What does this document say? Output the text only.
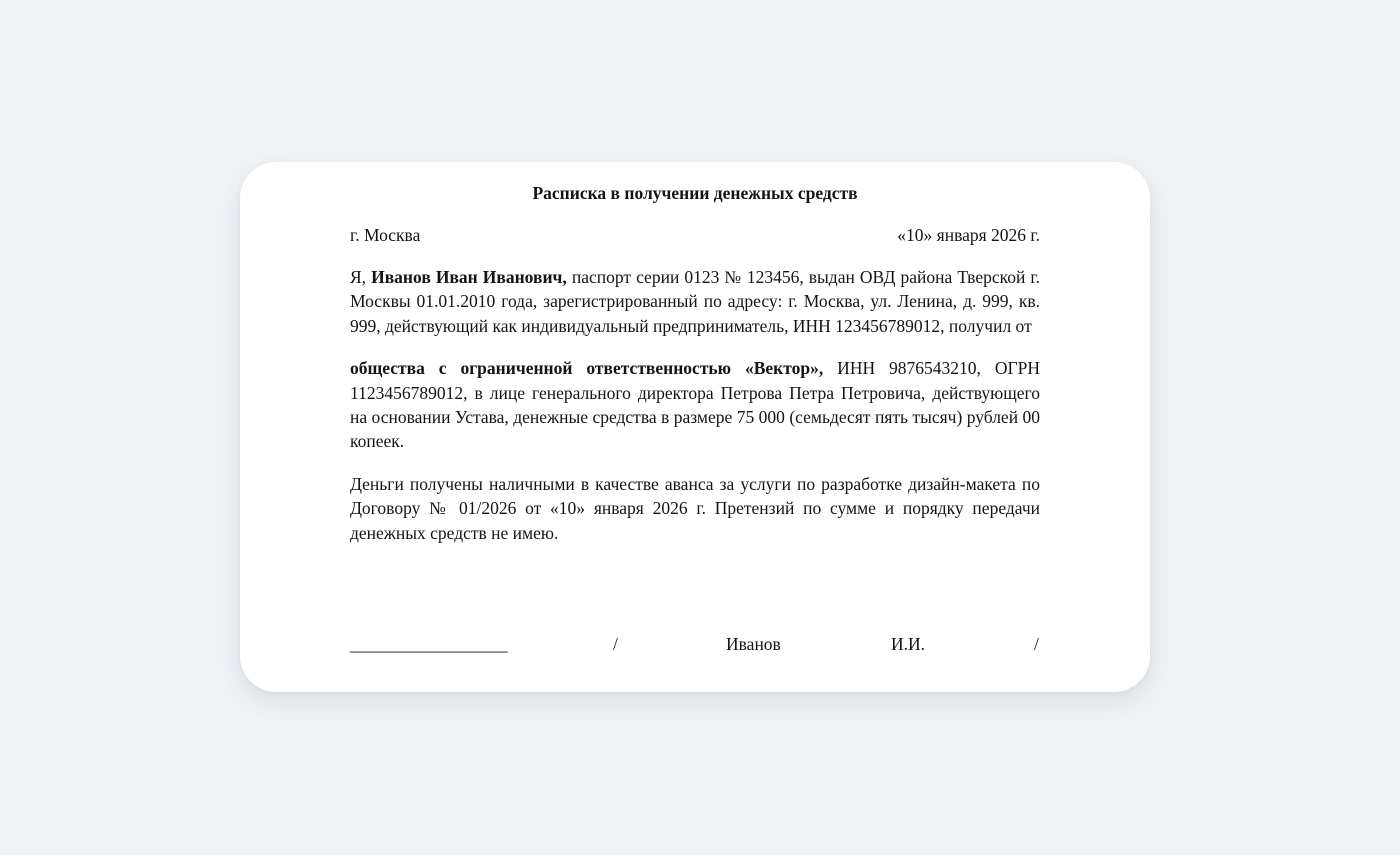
Расписка в получении денежных средств
г. Москва	«10» января 2026 г.

Я, Иванов Иван Иванович, паспорт серии 0123 № 123456, выдан ОВД района Тверской г. Москвы 01.01.2010 года, зарегистрированный по адресу: г. Москва, ул. Ленина, д. 999, кв. 999, действующий как индивидуальный предприниматель, ИНН 123456789012, получил от

общества с ограниченной ответственностью «Вектор», ИНН 9876543210, ОГРН 1123456789012, в лице генерального директора Петрова Петра Петровича, действующего на основании Устава, денежные средства в размере 75 000 (семьдесят пять тысяч) рублей 00 копеек.

Деньги получены наличными в качестве аванса за услуги по разработке дизайн-макета по Договору № 01/2026 от «10» января 2026 г. Претензий по сумме и порядку передачи денежных средств не имею.

__________________	/	Иванов	И.И.	/
